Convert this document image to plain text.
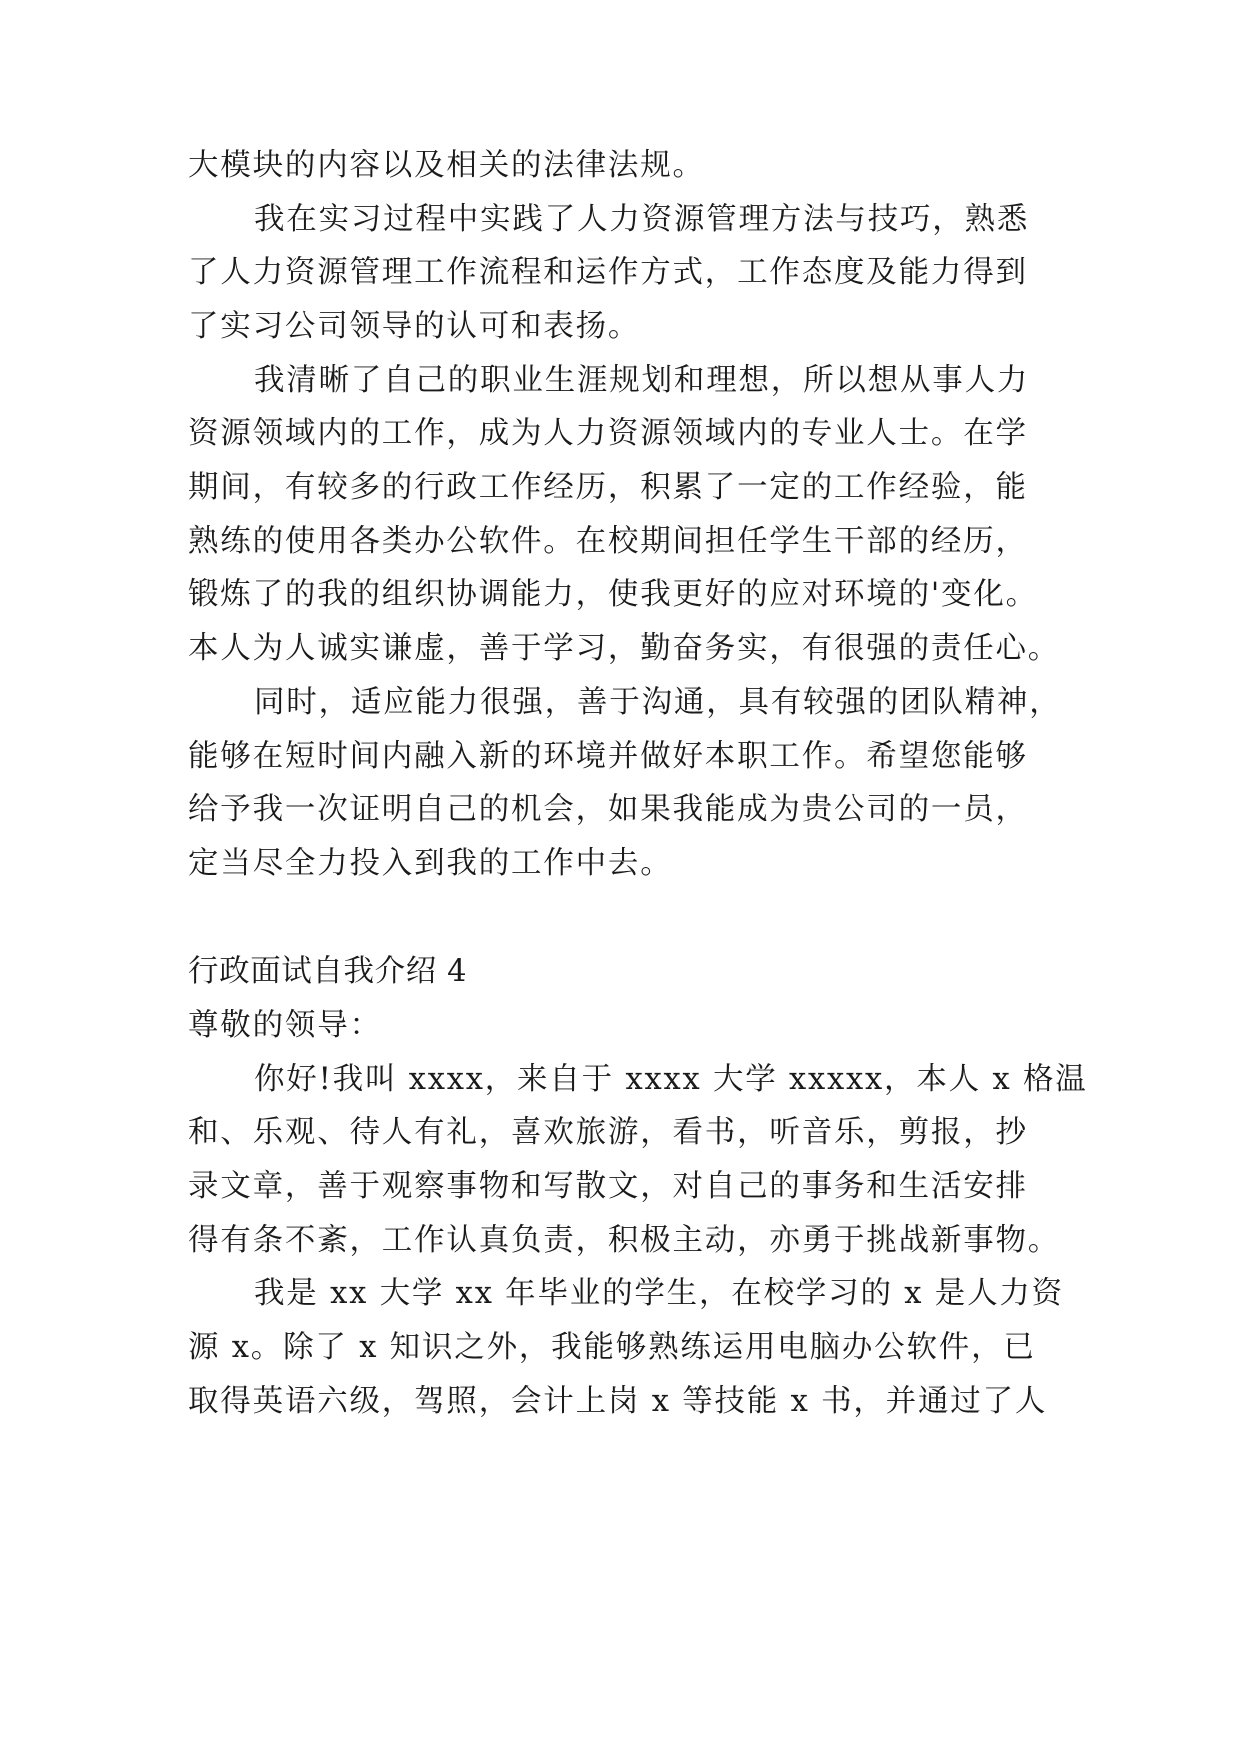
大模块的内容以及相关的法律法规。
我在实习过程中实践了人力资源管理方法与技巧，熟悉
了人力资源管理工作流程和运作方式，工作态度及能力得到
了实习公司领导的认可和表扬。
我清晰了自己的职业生涯规划和理想，所以想从事人力
资源领域内的工作，成为人力资源领域内的专业人士。在学
期间，有较多的行政工作经历，积累了一定的工作经验，能
熟练的使用各类办公软件。在校期间担任学生干部的经历，
锻炼了的我的组织协调能力，使我更好的应对环境的'变化。
本人为人诚实谦虚，善于学习，勤奋务实，有很强的责任心。
同时，适应能力很强，善于沟通，具有较强的团队精神，
能够在短时间内融入新的环境并做好本职工作。希望您能够
给予我一次证明自己的机会，如果我能成为贵公司的一员，
定当尽全力投入到我的工作中去。
行政面试自我介绍 4
尊敬的领导：
你好!我叫 xxxx，来自于 xxxx 大学 xxxxx，本人 x 格温
和、乐观、待人有礼，喜欢旅游，看书，听音乐，剪报，抄
录文章，善于观察事物和写散文，对自己的事务和生活安排
得有条不紊，工作认真负责，积极主动，亦勇于挑战新事物。
我是 xx 大学 xx 年毕业的学生，在校学习的 x 是人力资
源 x。除了 x 知识之外，我能够熟练运用电脑办公软件，已
取得英语六级，驾照，会计上岗 x 等技能 x 书，并通过了人
